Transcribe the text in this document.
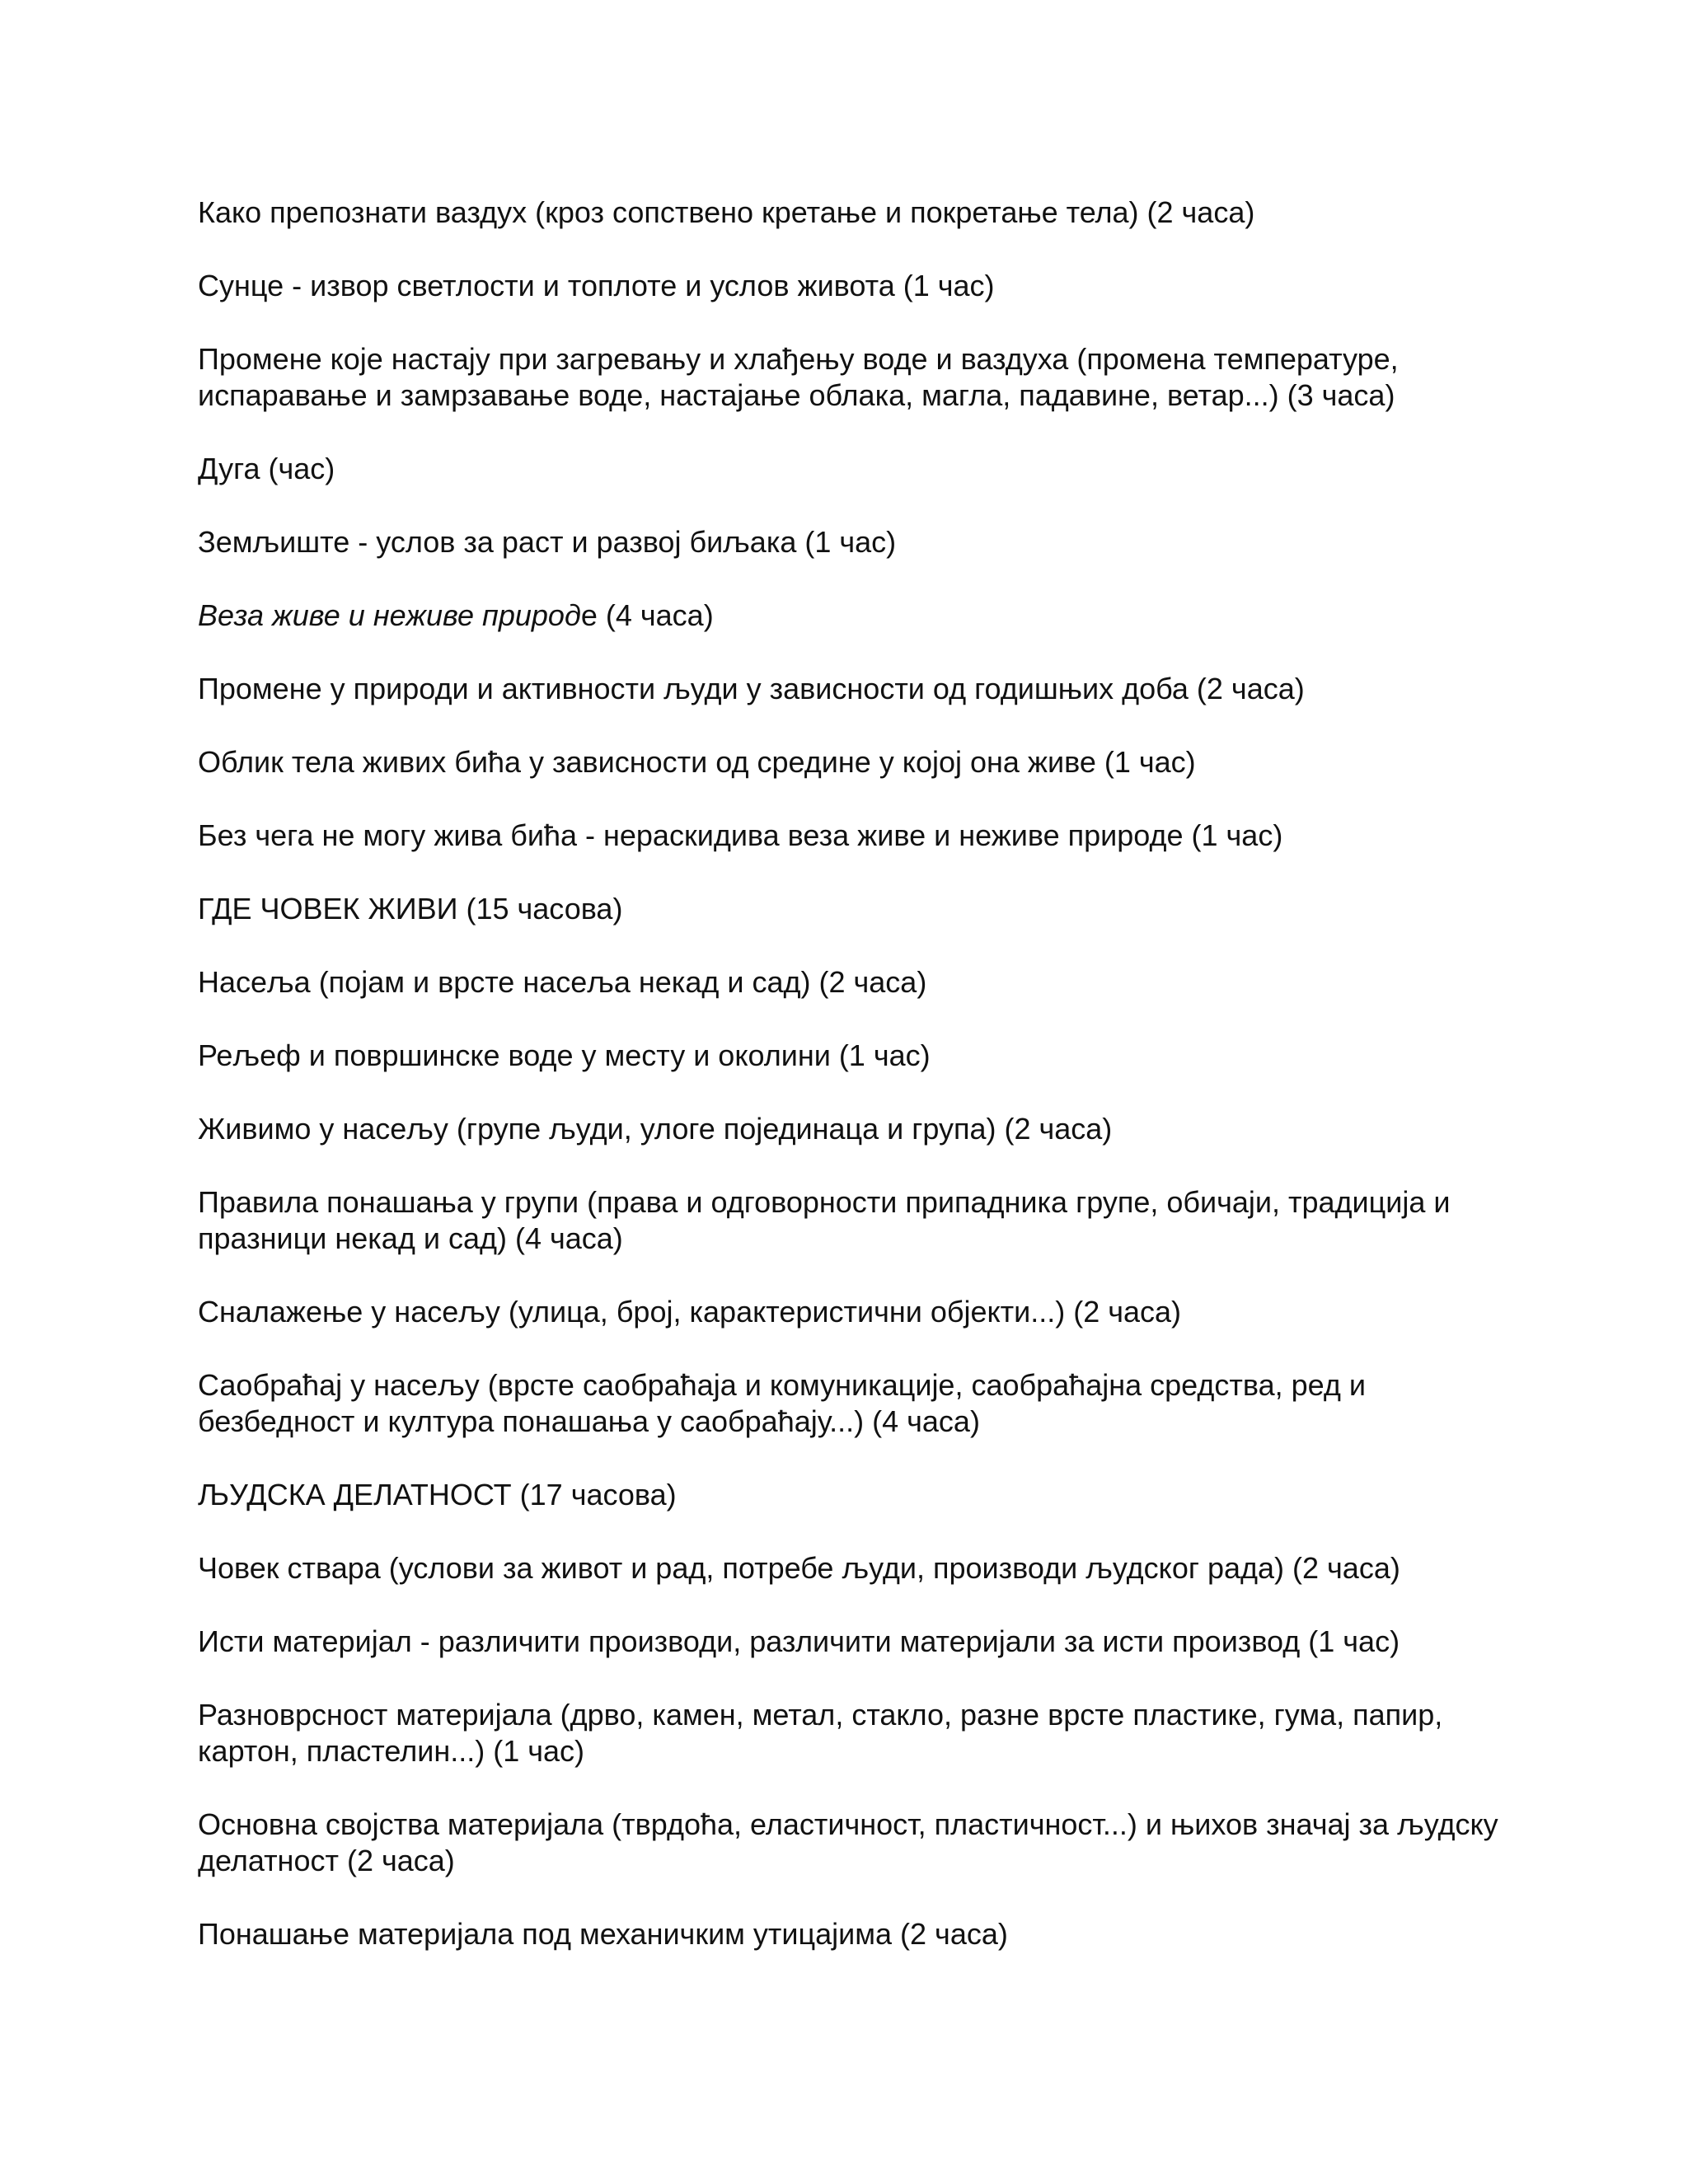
Како препознати ваздух (кроз сопствено кретање и покретање тела) (2 часа)

Сунце - извор светлости и топлоте и услов живота (1 час)

Промене које настају при загревању и хлађењу воде и ваздуха (промена температуре, испаравање и замрзавање воде, настајање облака, магла, падавине, ветар...) (3 часа)

Дуга (час)

Земљиште - услов за раст и развој биљака (1 час)

Веза живе и неживе природе (4 часа)

Промене у природи и активности људи у зависности од годишњих доба (2 часа)

Облик тела живих бића у зависности од средине у којој она живе (1 час)

Без чега не могу жива бића - нераскидива веза живе и неживе природе (1 час)

ГДЕ ЧОВЕК ЖИВИ (15 часова)

Насеља (појам и врсте насеља некад и сад) (2 часа)

Рељеф и површинске воде у месту и околини (1 час)

Живимо у насељу (групе људи, улоге појединаца и група) (2 часа)

Правила понашања у групи (права и одговорности припадника групе, обичаји, традиција и празници некад и сад) (4 часа)

Сналажење у насељу (улица, број, карактеристични објекти...) (2 часа)

Саобраћај у насељу (врсте саобраћаја и комуникације, саобраћајна средства, ред и безбедност и култура понашања у саобраћају...) (4 часа)

ЉУДСКА ДЕЛАТНОСТ (17 часова)

Човек ствара (услови за живот и рад, потребе људи, производи људског рада) (2 часа)

Исти материјал - различити производи, различити материјали за исти производ (1 час)

Разноврсност материјала (дрво, камен, метал, стакло, разне врсте пластике, гума, папир, картон, пластелин...) (1 час)

Основна својства материјала (тврдоћа, еластичност, пластичност...) и њихов значај за људску делатност (2 часа)

Понашање материјала под механичким утицајима (2 часа)
